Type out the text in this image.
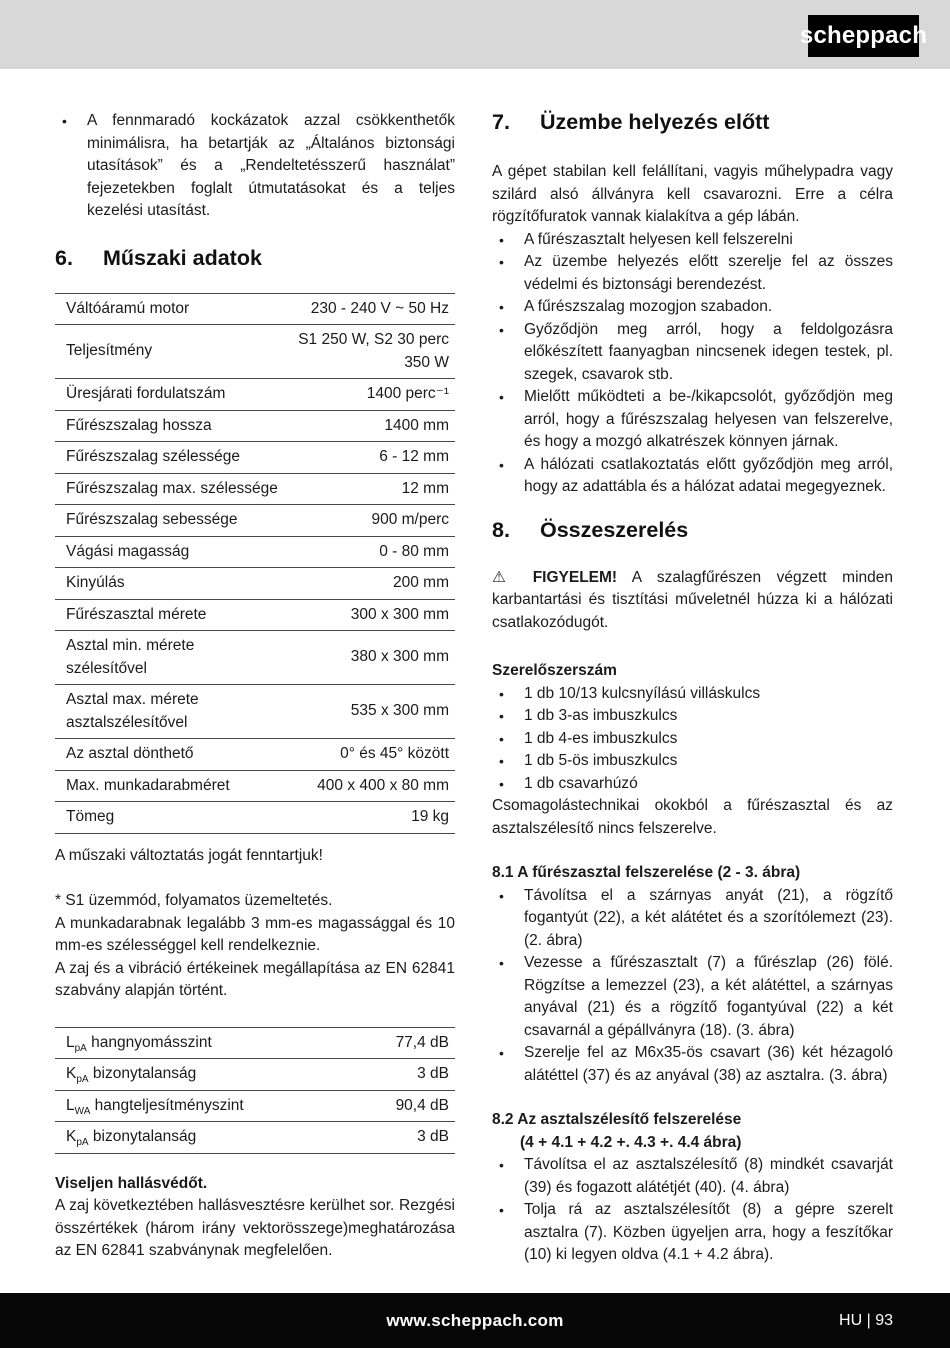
scheppach
• A fennmaradó kockázatok azzal csökkenthetők minimálisra, ha betartják az „Általános biztonsági utasítások” és a „Rendeltetésszerű használat” fejezetekben foglalt útmutatásokat és a teljes kezelési utasítást.
6.	Műszaki adatok
Váltóáramú motor	230 - 240 V ~ 50 Hz
Teljesítmény	S1 250 W, S2 30 perc 350 W
Üresjárati fordulatszám	1400 perc⁻¹
Fűrészszalag hossza	1400 mm
Fűrészszalag szélessége	6 - 12 mm
Fűrészszalag max. szélessége	12 mm
Fűrészszalag sebessége	900 m/perc
Vágási magasság	0 - 80 mm
Kinyúlás	200 mm
Fűrészasztal mérete	300 x 300 mm
Asztal min. mérete szélesítővel	380 x 300 mm
Asztal max. mérete asztalszélesítővel	535 x 300 mm
Az asztal dönthető	0° és 45° között
Max. munkadarabméret	400 x 400 x 80 mm
Tömeg	19 kg

A műszaki változtatás jogát fenntartjuk!

* S1 üzemmód, folyamatos üzemeltetés.

A munkadarabnak legalább 3 mm-es magassággal és 10 mm-es szélességgel kell rendelkeznie.

A zaj és a vibráció értékeinek megállapítása az EN 62841 szabvány alapján történt.

$L_{pA}$ hangnyomásszint	77,4 dB
$K_{pA}$ bizonytalanság	3 dB
$L_{WA}$ hangteljesítményszint	90,4 dB
$K_{pA}$ bizonytalanság	3 dB

Viseljen hallásvédőt.

A zaj következtében hallásvesztésre kerülhet sor. Rezgési összértékek (három irány vektorösszege)meghatározása az EN 62841 szabványnak megfelelően.

7.	Üzembe helyezés előtt

A gépet stabilan kell felállítani, vagyis műhelypadra vagy szilárd alsó állványra kell csavarozni. Erre a célra rögzítőfuratok vannak kialakítva a gép lábán.

• A fűrészasztalt helyesen kell felszerelni
• Az üzembe helyezés előtt szerelje fel az összes védelmi és biztonsági berendezést.
• A fűrészszalag mozogjon szabadon.
• Győződjön meg arról, hogy a feldolgozásra előkészített faanyagban nincsenek idegen testek, pl. szegek, csavarok stb.
• Mielőtt működteti a be-/kikapcsolót, győződjön meg arról, hogy a fűrészszalag helyesen van felszerelve, és hogy a mozgó alkatrészek könnyen járnak.
• A hálózati csatlakoztatás előtt győződjön meg arról, hogy az adattábla és a hálózat adatai megegyeznek.
8.	Összeszerelés

⚠ FIGYELEM! A szalagfűrészen végzett minden karbantartási és tisztítási műveletnél húzza ki a hálózati csatlakozódugót.

Szerelőszerszám
• 1 db 10/13 kulcsnyílású villáskulcs
• 1 db 3-as imbuszkulcs
• 1 db 4-es imbuszkulcs
• 1 db 5-ös imbuszkulcs
• 1 db csavarhúzó

Csomagolástechnikai okokból a fűrészasztal és az asztalszélesítő nincs felszerelve.

8.1 A fűrészasztal felszerelése (2 - 3. ábra)
• Távolítsa el a szárnyas anyát (21), a rögzítő fogantyút (22), a két alátétet és a szorítólemezt (23). (2. ábra)
• Vezesse a fűrészasztalt (7) a fűrészlap (26) fölé. Rögzítse a lemezzel (23), a két alátéttel, a szárnyas anyával (21) és a rögzítő fogantyúval (22) a két csavarnál a gépállványra (18). (3. ábra)
• Szerelje fel az M6x35-ös csavart (36) két hézagoló alátéttel (37) és az anyával (38) az asztalra. (3. ábra)
8.2 Az asztalszélesítő felszerelése
(4 + 4.1 + 4.2 +. 4.3 +. 4.4 ábra)
• Távolítsa el az asztalszélesítő (8) mindkét csavarját (39) és fogazott alátétjét (40). (4. ábra)
• Tolja rá az asztalszélesítőt (8) a gépre szerelt asztalra (7). Közben ügyeljen arra, hogy a feszítőkar (10) ki legyen oldva (4.1 + 4.2 ábra).
www.scheppach.com	HU | 93
